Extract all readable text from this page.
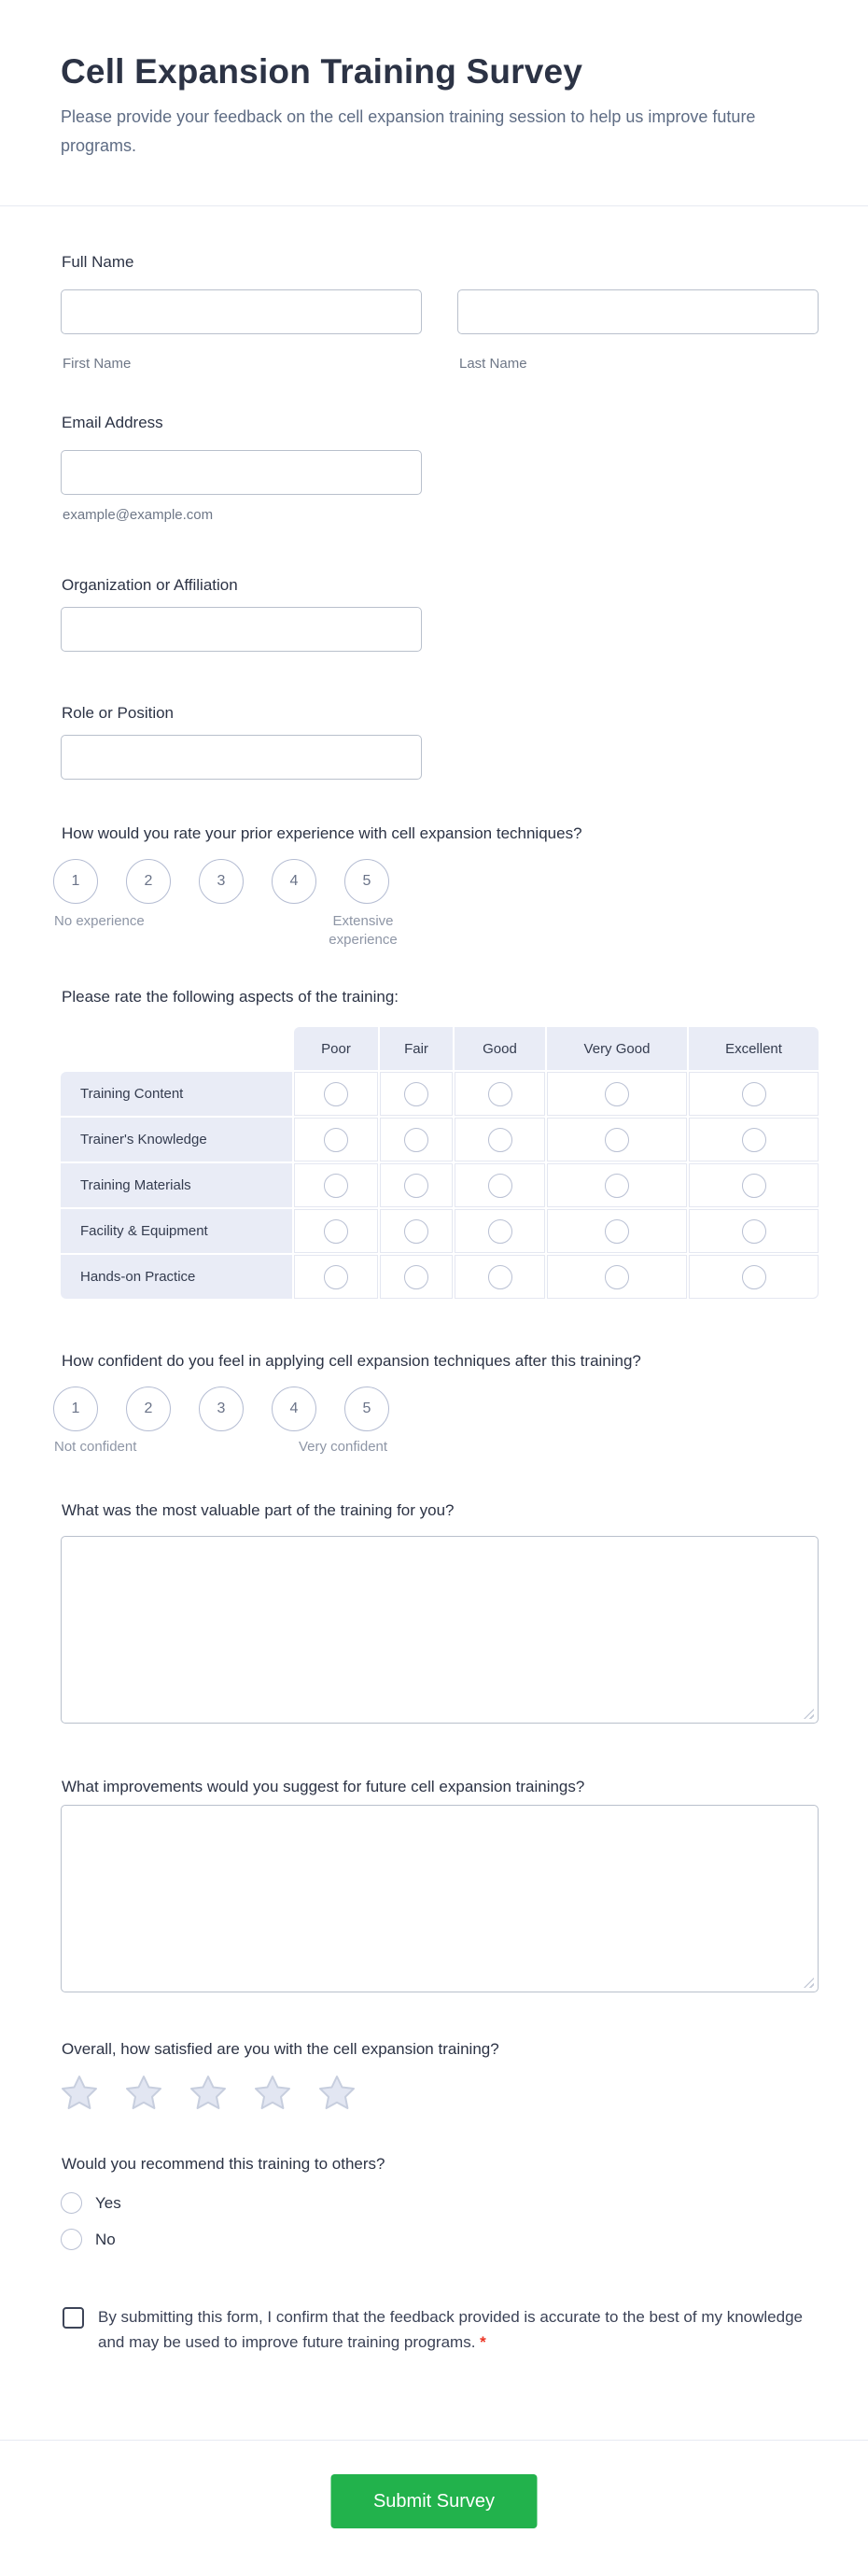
Cell Expansion Training Survey
Please provide your feedback on the cell expansion training session to help us improve future programs.
Full Name
First Name	Last Name
Email Address
example@example.com
Organization or Affiliation
Role or Position
How would you rate your prior experience with cell expansion techniques?
1	2	3	4	5
No experience	Extensive experience
Please rate the following aspects of the training:
Poor	Fair	Good	Very Good	Excellent
Training Content
Trainer's Knowledge
Training Materials
Facility & Equipment
Hands-on Practice
How confident do you feel in applying cell expansion techniques after this training?
1	2	3	4	5
Not confident	Very confident
What was the most valuable part of the training for you?
What improvements would you suggest for future cell expansion trainings?
Overall, how satisfied are you with the cell expansion training?
Would you recommend this training to others?
Yes
No
By submitting this form, I confirm that the feedback provided is accurate to the best of my knowledge and may be used to improve future training programs. *
Submit Survey
